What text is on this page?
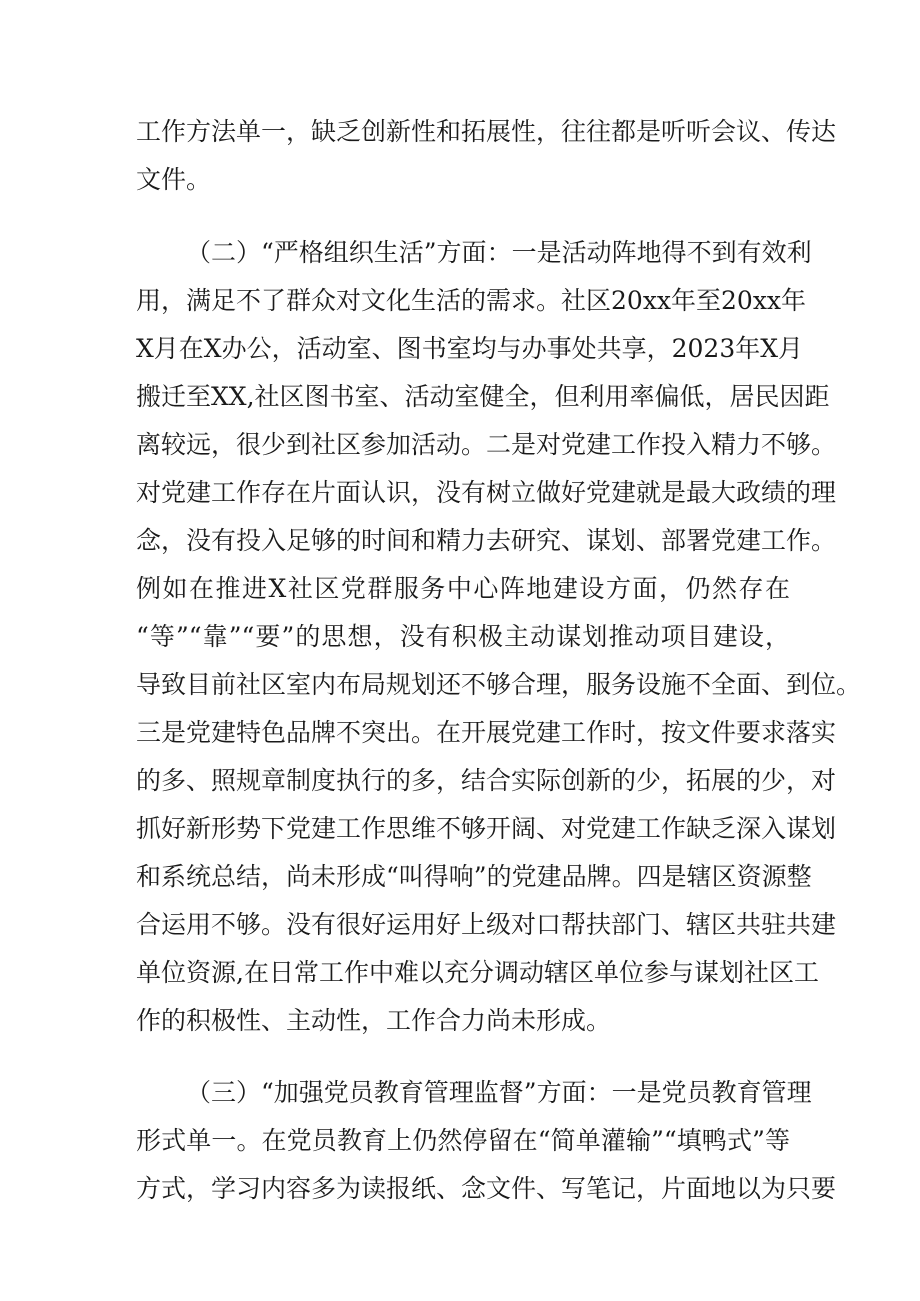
工作方法单一，缺乏创新性和拓展性，往往都是听听会议、传达
文件。
（二）“严格组织生活”方面：一是活动阵地得不到有效利
用，满足不了群众对文化生活的需求。社区20xx年至20xx年
X月在X办公，活动室、图书室均与办事处共享，2023年X月
搬迁至XX,社区图书室、活动室健全，但利用率偏低，居民因距
离较远，很少到社区参加活动。二是对党建工作投入精力不够。
对党建工作存在片面认识，没有树立做好党建就是最大政绩的理
念，没有投入足够的时间和精力去研究、谋划、部署党建工作。
例如在推进X社区党群服务中心阵地建设方面，仍然存在
“等”“靠”“要”的思想，没有积极主动谋划推动项目建设，
导致目前社区室内布局规划还不够合理，服务设施不全面、到位。
三是党建特色品牌不突出。在开展党建工作时，按文件要求落实
的多、照规章制度执行的多，结合实际创新的少，拓展的少，对
抓好新形势下党建工作思维不够开阔、对党建工作缺乏深入谋划
和系统总结，尚未形成“叫得响”的党建品牌。四是辖区资源整
合运用不够。没有很好运用好上级对口帮扶部门、辖区共驻共建
单位资源,在日常工作中难以充分调动辖区单位参与谋划社区工
作的积极性、主动性，工作合力尚未形成。
（三）“加强党员教育管理监督”方面：一是党员教育管理
形式单一。在党员教育上仍然停留在“简单灌输”“填鸭式”等
方式，学习内容多为读报纸、念文件、写笔记，片面地以为只要
